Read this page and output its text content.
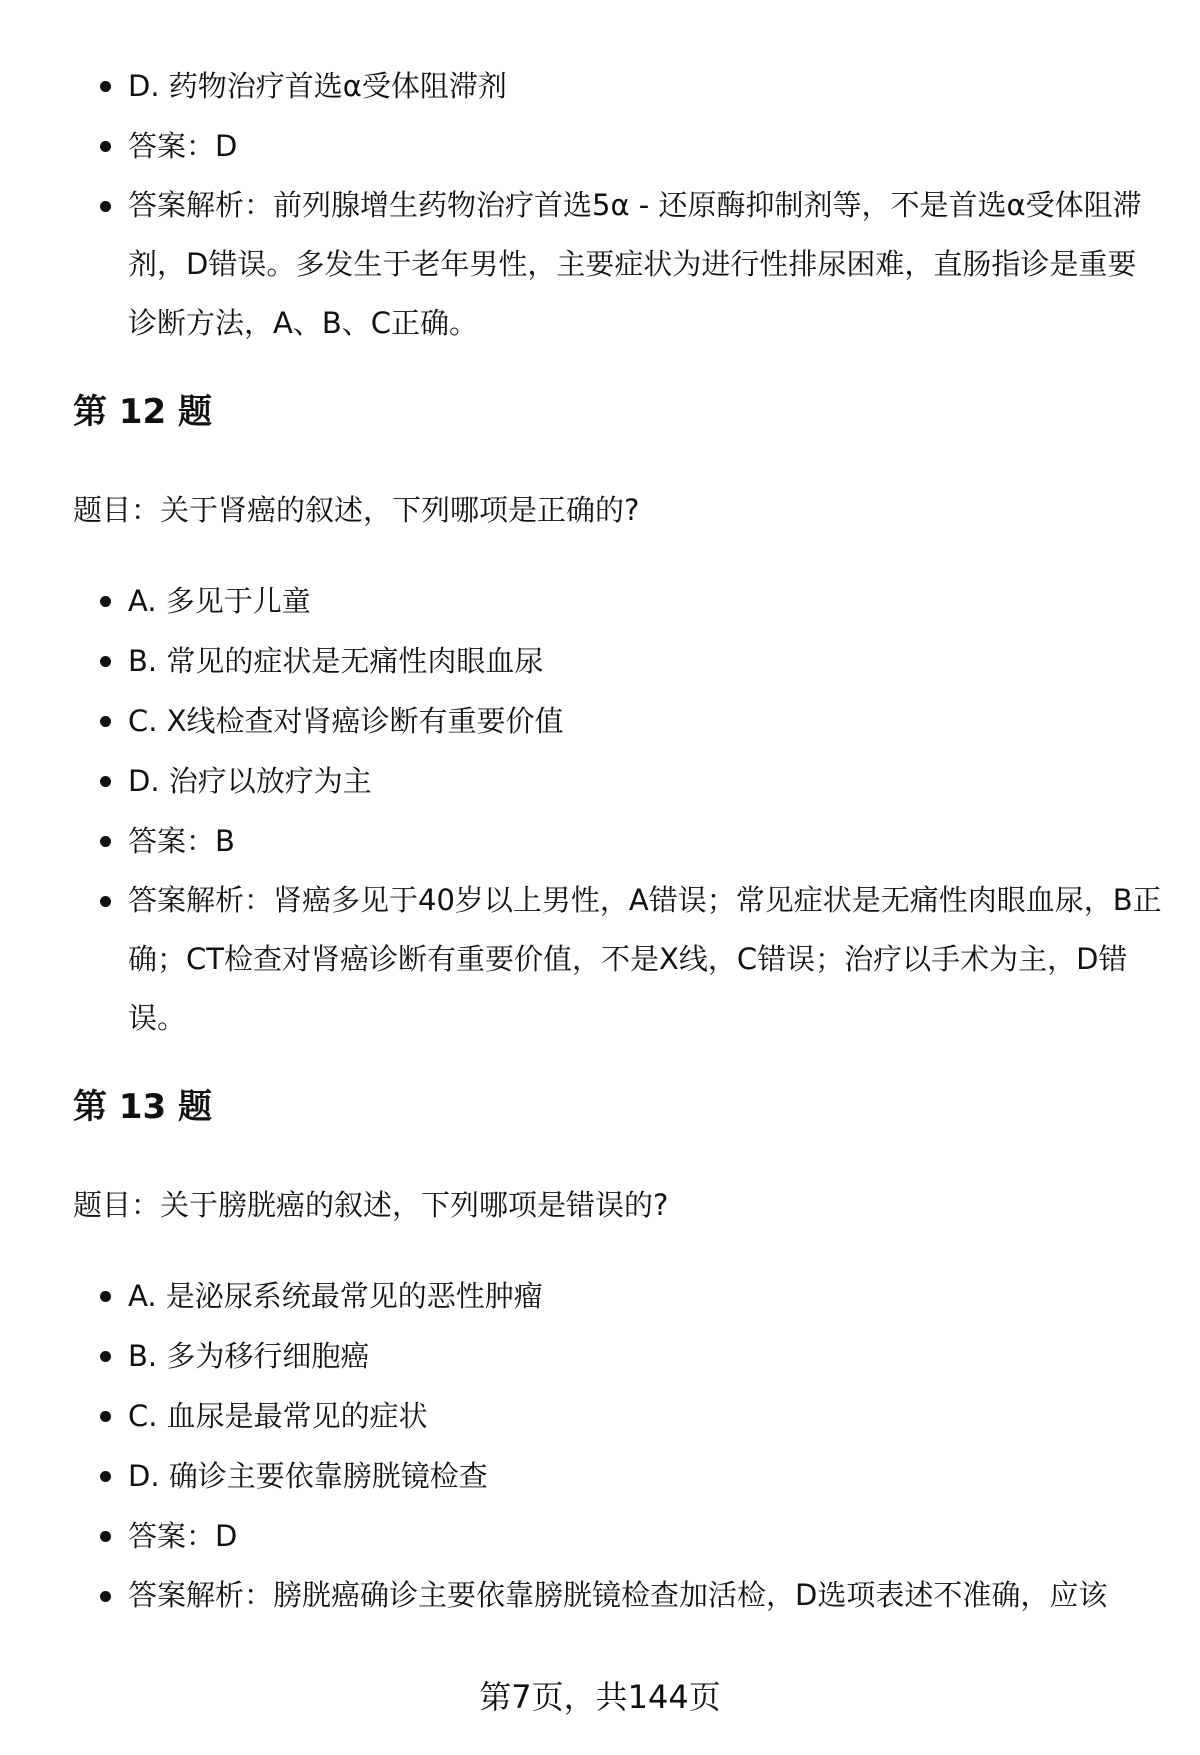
D. 药物治疗首选α受体阻滞剂
答案：D
答案解析：前列腺增生药物治疗首选5α - 还原酶抑制剂等，不是首选α受体阻滞剂，D错误。多发生于老年男性，主要症状为进行性排尿困难，直肠指诊是重要诊断方法，A、B、C正确。
第 12 题

题目：关于肾癌的叙述，下列哪项是正确的?

A. 多见于儿童
B. 常见的症状是无痛性肉眼血尿
C. X线检查对肾癌诊断有重要价值
D. 治疗以放疗为主
答案：B
答案解析：肾癌多见于40岁以上男性，A错误；常见症状是无痛性肉眼血尿，B正确；CT检查对肾癌诊断有重要价值，不是X线，C错误；治疗以手术为主，D错误。
第 13 题

题目：关于膀胱癌的叙述，下列哪项是错误的?

A. 是泌尿系统最常见的恶性肿瘤
B. 多为移行细胞癌
C. 血尿是最常见的症状
D. 确诊主要依靠膀胱镜检查
答案：D
答案解析：膀胱癌确诊主要依靠膀胱镜检查加活检，D选项表述不准确，应该
第7页，共144页
